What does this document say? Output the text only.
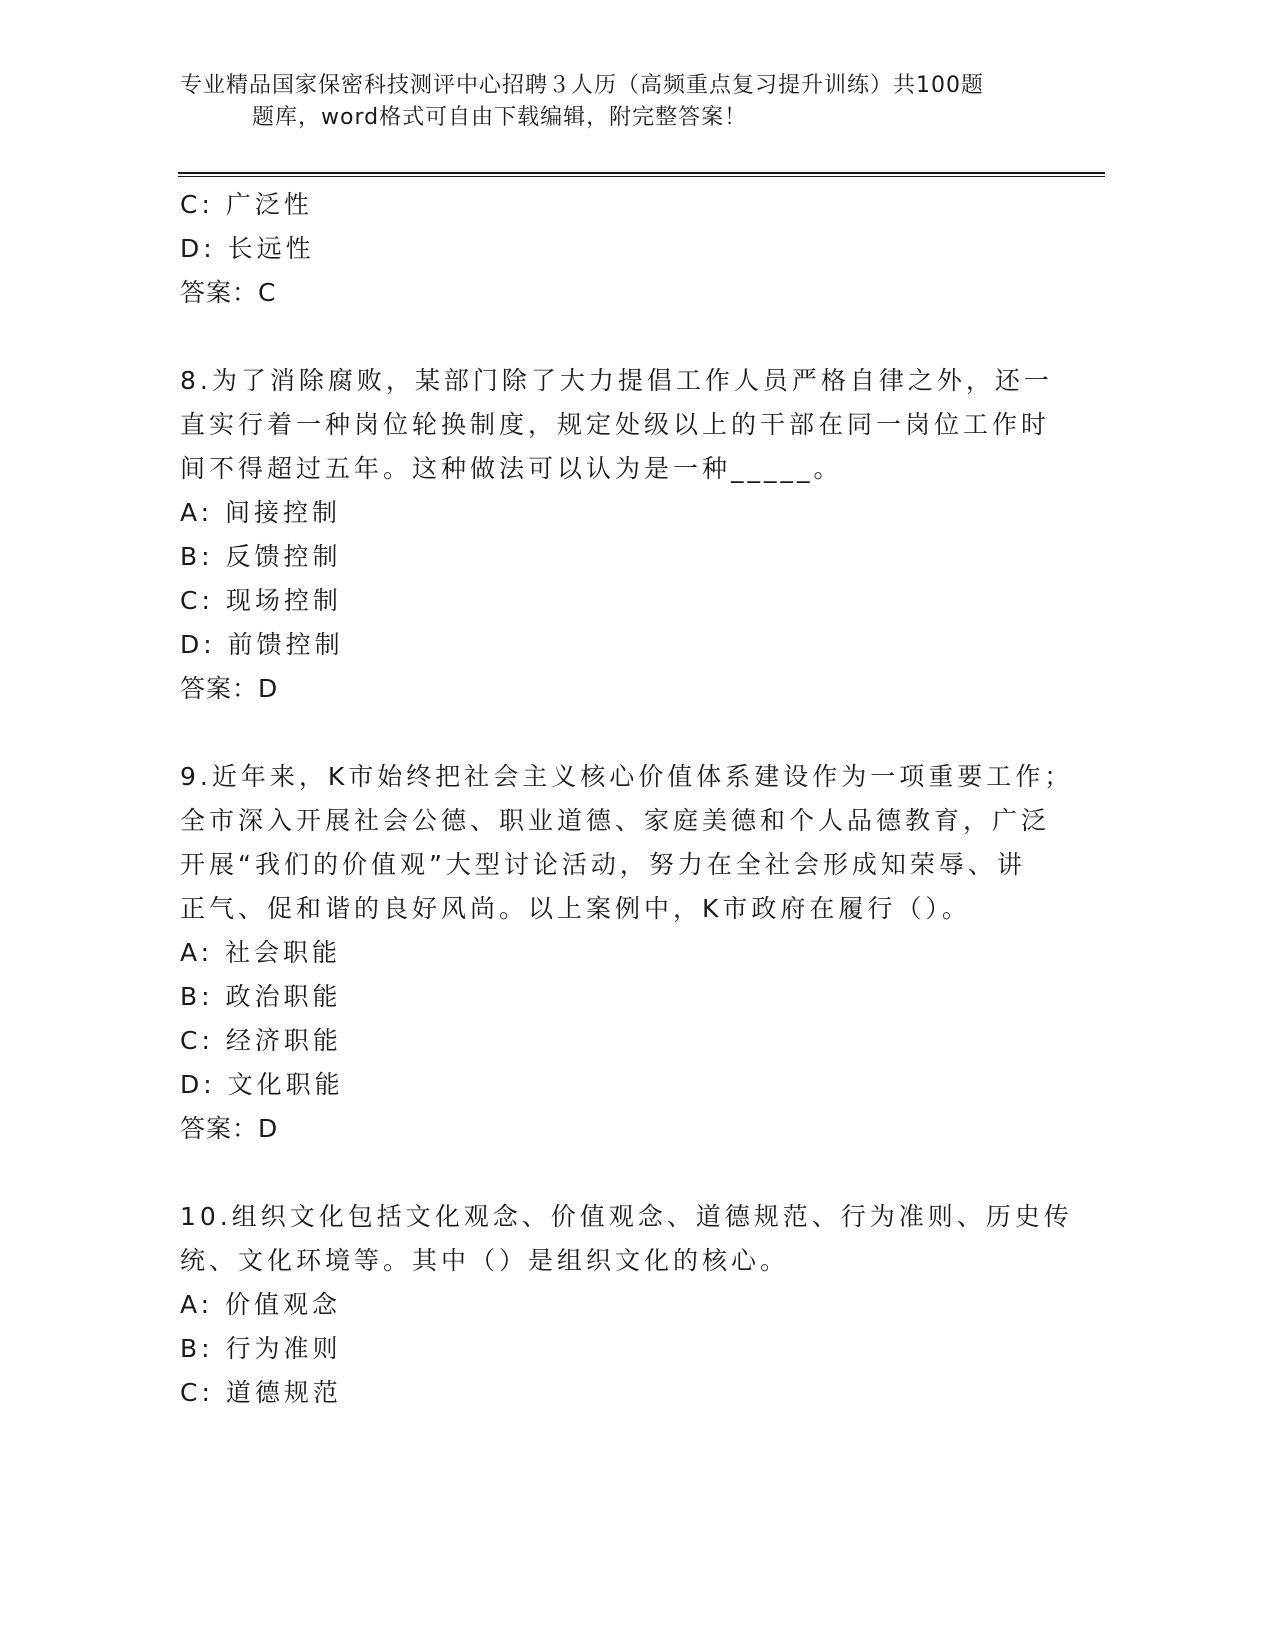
专业精品国家保密科技测评中心招聘３人历（高频重点复习提升训练）共100题

题库，word格式可自由下载编辑，附完整答案！

C: 广泛性

D: 长远性

答案：C

8.为了消除腐败，某部门除了大力提倡工作人员严格自律之外，还一

直实行着一种岗位轮换制度，规定处级以上的干部在同一岗位工作时

间不得超过五年。这种做法可以认为是一种_____。

A: 间接控制

B: 反馈控制

C: 现场控制

D: 前馈控制

答案：D

9.近年来，K市始终把社会主义核心价值体系建设作为一项重要工作；

全市深入开展社会公德、职业道德、家庭美德和个人品德教育，广泛

开展“我们的价值观”大型讨论活动，努力在全社会形成知荣辱、讲

正气、促和谐的良好风尚。以上案例中，K市政府在履行（）。

A: 社会职能

B: 政治职能

C: 经济职能

D: 文化职能

答案：D

10.组织文化包括文化观念、价值观念、道德规范、行为准则、历史传

统、文化环境等。其中（）是组织文化的核心。

A: 价值观念

B: 行为准则

C: 道德规范
